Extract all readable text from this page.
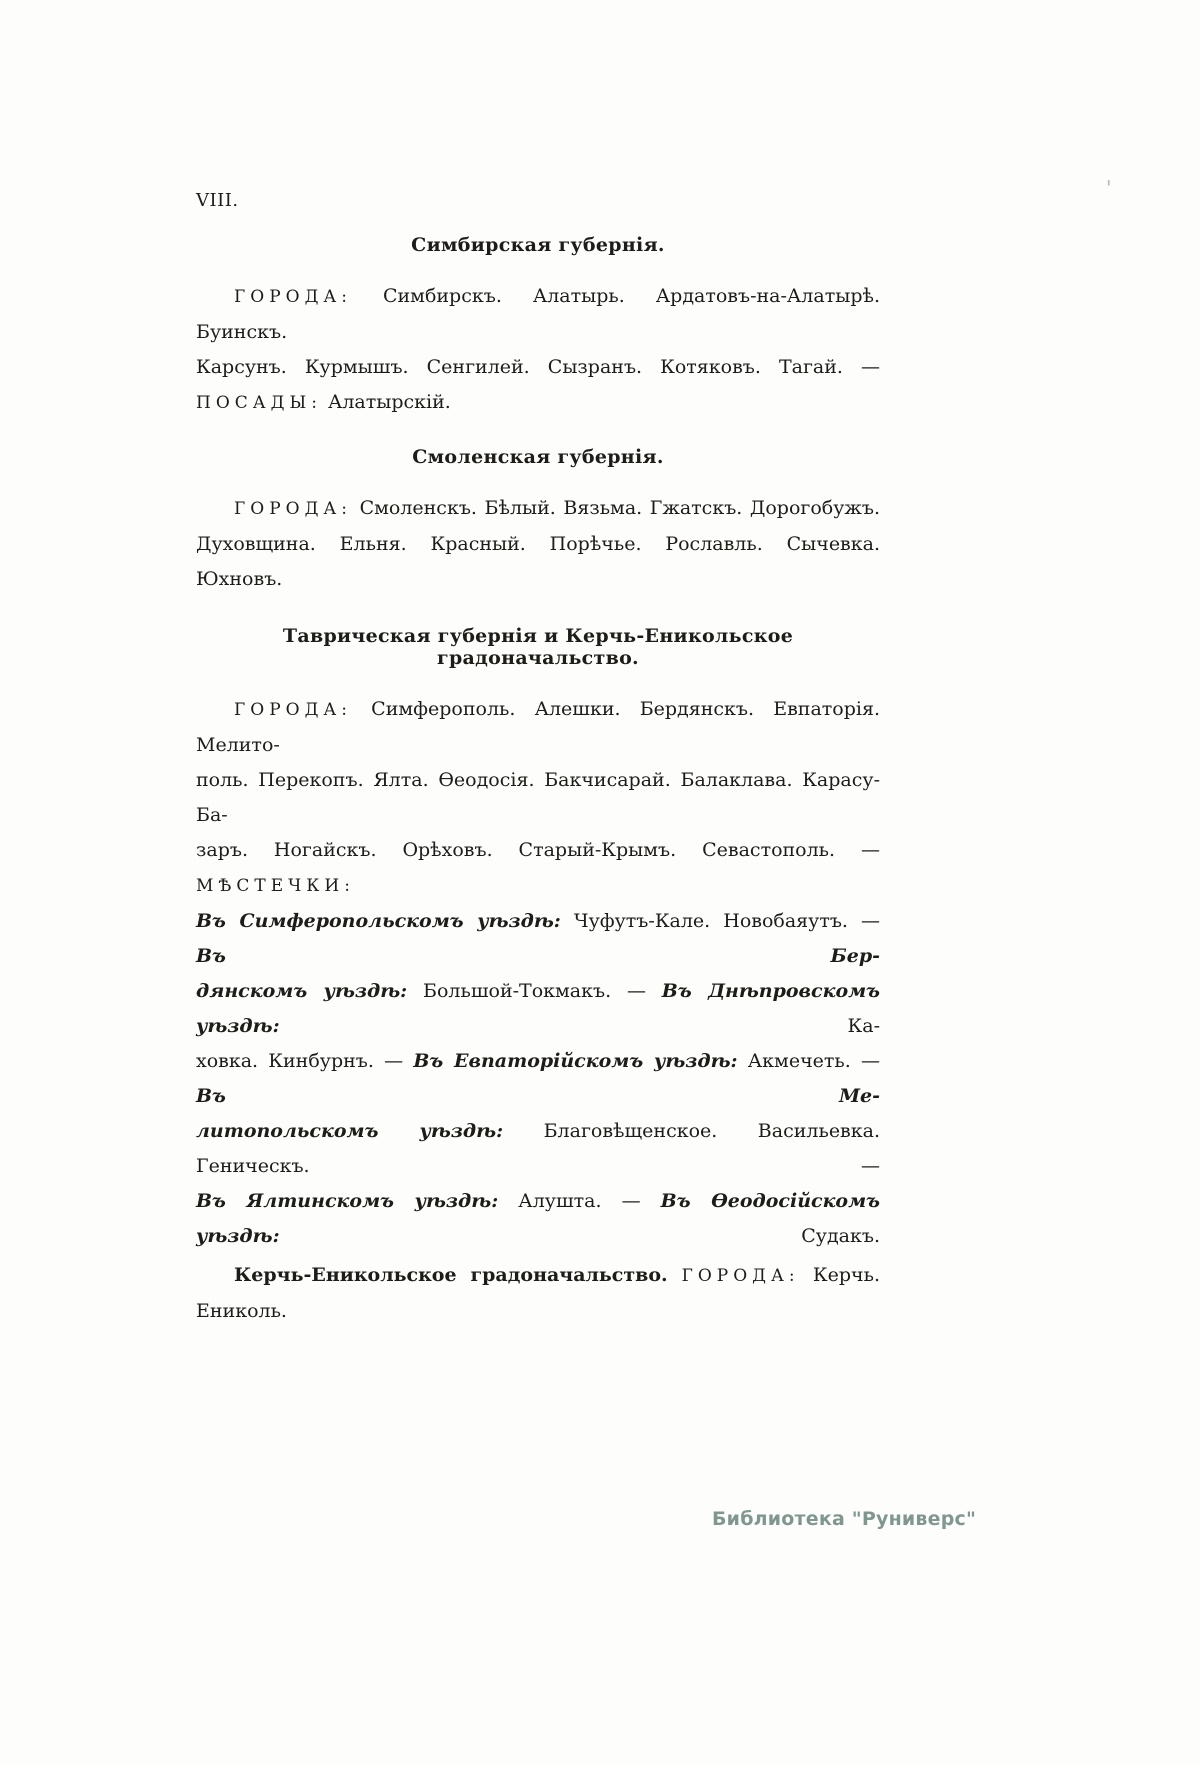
VIII.
Симбирская губернія.

ГОРОДА: Симбирскъ. Алатырь. Ардатовъ-на-Алатырѣ. Буинскъ.
Карсунъ. Курмышъ. Сенгилей. Сызранъ. Котяковъ. Тагай. —
ПОСАДЫ: Алатырскій.

Смоленская губернія.

ГОРОДА: Смоленскъ. Бѣлый. Вязьма. Гжатскъ. Дорогобужъ.
Духовщина. Ельня. Красный. Порѣчье. Рославль. Сычевка. Юхновъ.

Таврическая губернія и Керчь-Еникольское градоначальство.

ГОРОДА: Симферополь. Алешки. Бердянскъ. Евпаторія. Мелито-
поль. Перекопъ. Ялта. Ѳеодосія. Бакчисарай. Балаклава. Карасу-Ба-
заръ. Ногайскъ. Орѣховъ. Старый-Крымъ. Севастополь. — МѢСТЕЧКИ:
Въ Симферопольскомъ уѣздѣ: Чуфутъ-Кале. Новобаяутъ. — Въ Бер-
дянскомъ уѣздѣ: Большой-Токмакъ. — Въ Днѣпровскомъ уѣздѣ: Ка-
ховка. Кинбурнъ. — Въ Евпаторійскомъ уѣздѣ: Акмечеть. — Въ Ме-
литопольскомъ уѣздѣ: Благовѣщенское. Васильевка. Геническъ. —
Въ Ялтинскомъ уѣздѣ: Алушта. — Въ Ѳеодосійскомъ уѣздѣ: Судакъ.

Керчь-Еникольское градоначальство. ГОРОДА: Керчь. Ениколь.

'
Библиотека "Руниверс"
